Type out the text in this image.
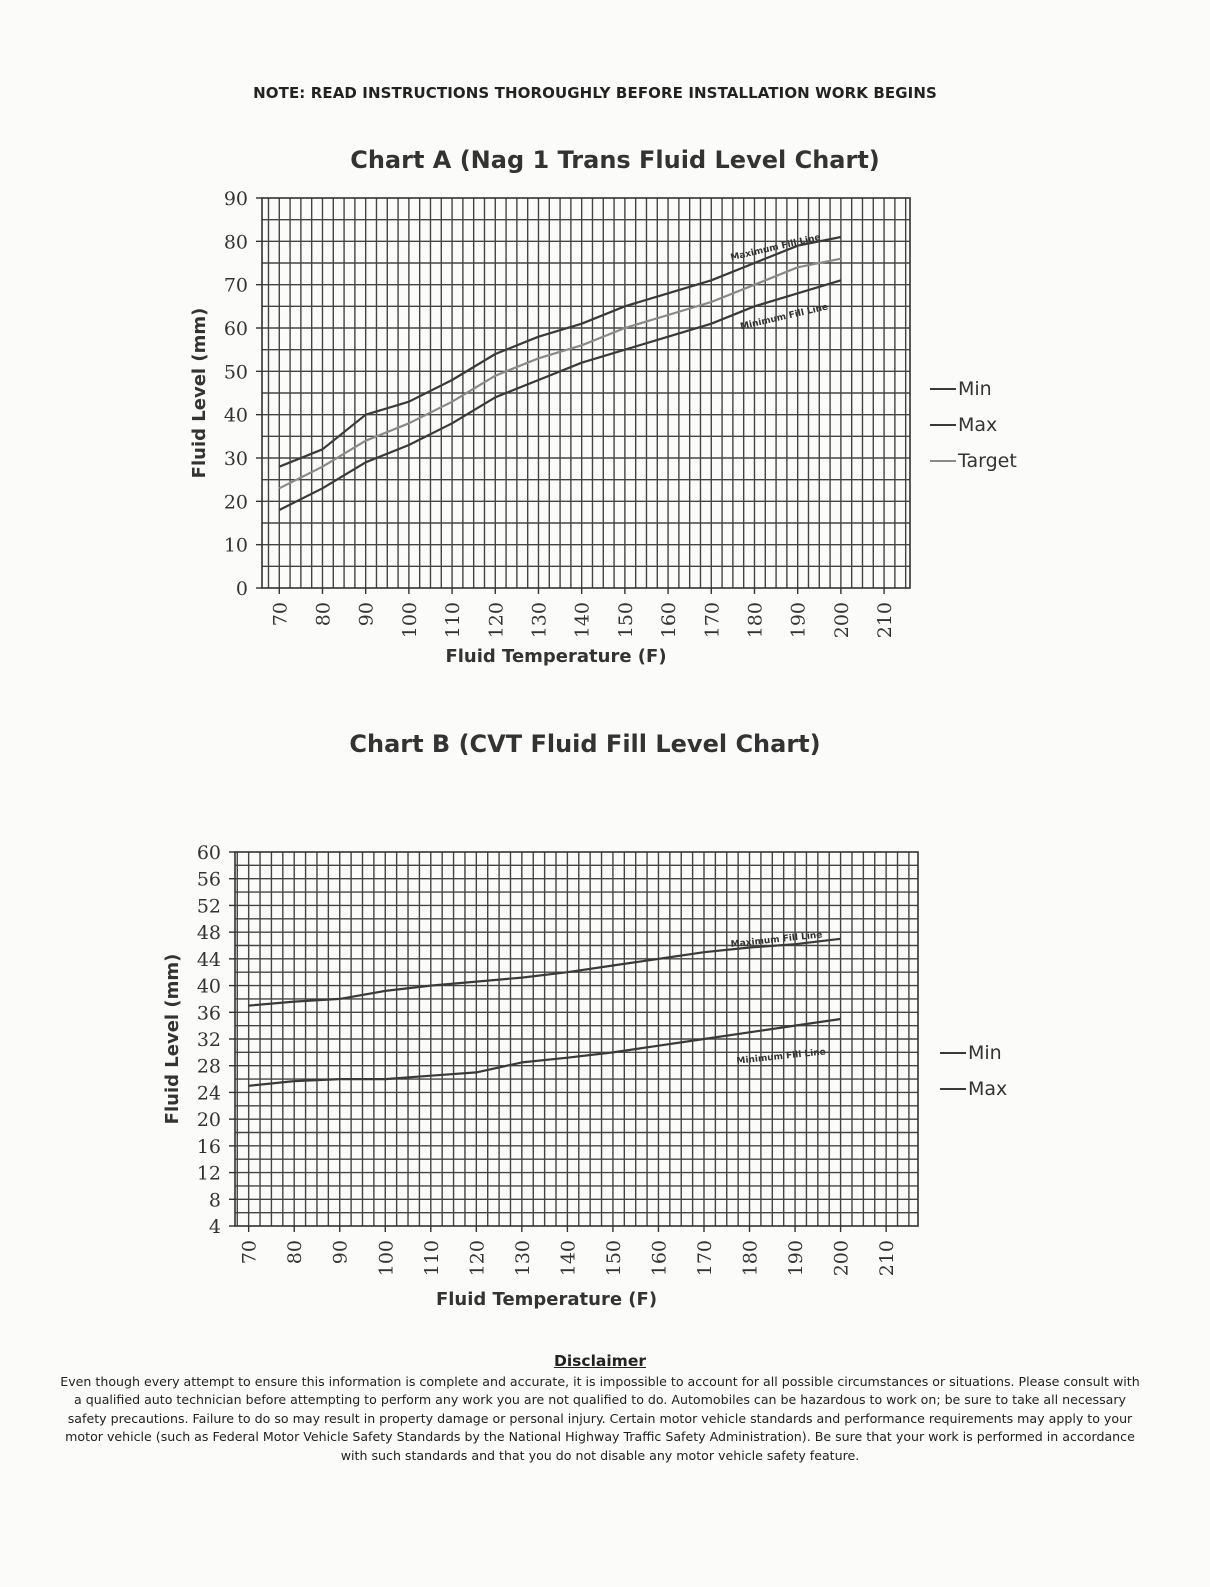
NOTE: READ INSTRUCTIONS THOROUGHLY BEFORE INSTALLATION WORK BEGINS
Chart A (Nag 1 Trans Fluid Level Chart)
0
10
20
30
40
50
60
70
80
90
70 80 90 100 110 120 130 140 150 160 170 180 190 200 210
Fluid Temperature (F)
Fluid Level (mm)
Maximum Fill Line
Minimum Fill Line
Min
Max
Target
Chart B (CVT Fluid Fill Level Chart)
4
8
12
16
20
24
28
32
36
40
44
48
52
56
60
70 80 90 100 110 120 130 140 150 160 170 180 190 200 210
Fluid Temperature (F)
Fluid Level (mm)
Maximum Fill Line
Minimum Fill Line	Min
Max
Disclaimer
Even though every attempt to ensure this information is complete and accurate, it is impossible to account for all possible circumstances or situations. Please consult with a qualified auto technician before attempting to perform any work you are not qualified to do. Automobiles can be hazardous to work on; be sure to take all necessary safety precautions. Failure to do so may result in property damage or personal injury. Certain motor vehicle standards and performance requirements may apply to your motor vehicle (such as Federal Motor Vehicle Safety Standards by the National Highway Traffic Safety Administration). Be sure that your work is performed in accordance with such standards and that you do not disable any motor vehicle safety feature.
